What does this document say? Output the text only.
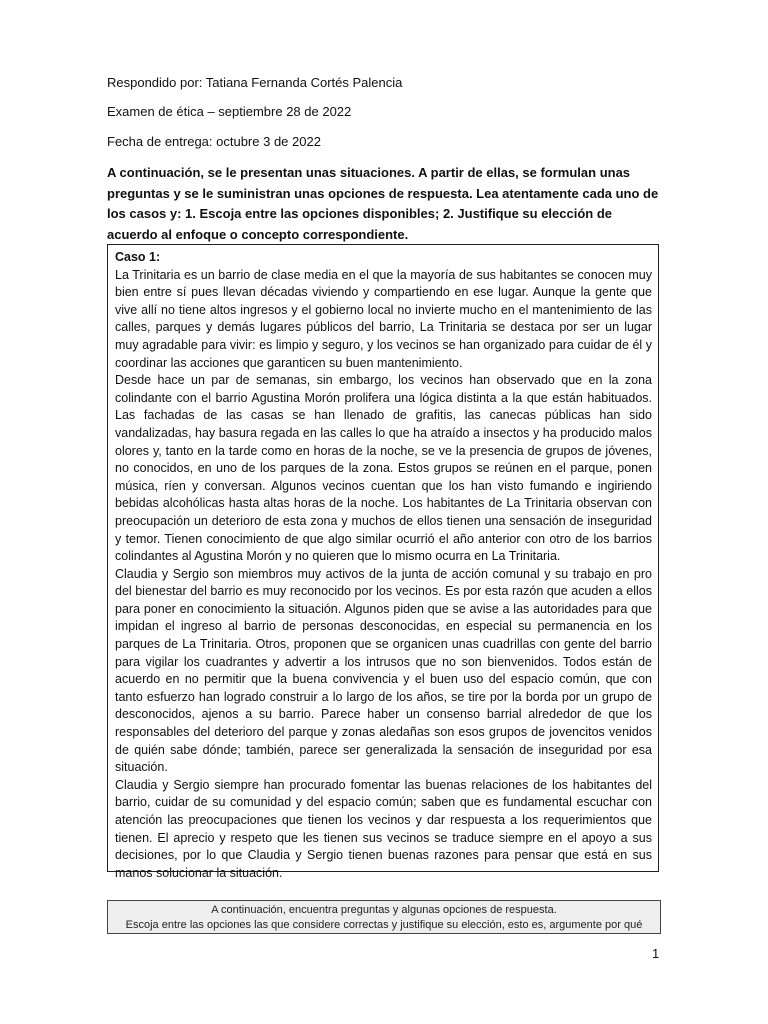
Respondido por: Tatiana Fernanda Cortés Palencia
Examen de ética – septiembre 28 de 2022
Fecha de entrega: octubre 3 de 2022
A continuación, se le presentan unas situaciones. A partir de ellas, se formulan unas preguntas y se le suministran unas opciones de respuesta. Lea atentamente cada uno de los casos y: 1. Escoja entre las opciones disponibles; 2. Justifique su elección de acuerdo al enfoque o concepto correspondiente.
Caso 1:

La Trinitaria es un barrio de clase media en el que la mayoría de sus habitantes se conocen muy bien entre sí pues llevan décadas viviendo y compartiendo en ese lugar. Aunque la gente que vive allí no tiene altos ingresos y el gobierno local no invierte mucho en el mantenimiento de las calles, parques y demás lugares públicos del barrio, La Trinitaria se destaca por ser un lugar muy agradable para vivir: es limpio y seguro, y los vecinos se han organizado para cuidar de él y coordinar las acciones que garanticen su buen mantenimiento.

Desde hace un par de semanas, sin embargo, los vecinos han observado que en la zona colindante con el barrio Agustina Morón prolifera una lógica distinta a la que están habituados. Las fachadas de las casas se han llenado de grafitis, las canecas públicas han sido vandalizadas, hay basura regada en las calles lo que ha atraído a insectos y ha producido malos olores y, tanto en la tarde como en horas de la noche, se ve la presencia de grupos de jóvenes, no conocidos, en uno de los parques de la zona. Estos grupos se reúnen en el parque, ponen música, ríen y conversan. Algunos vecinos cuentan que los han visto fumando e ingiriendo bebidas alcohólicas hasta altas horas de la noche. Los habitantes de La Trinitaria observan con preocupación un deterioro de esta zona y muchos de ellos tienen una sensación de inseguridad y temor. Tienen conocimiento de que algo similar ocurrió el año anterior con otro de los barrios colindantes al Agustina Morón y no quieren que lo mismo ocurra en La Trinitaria.

Claudia y Sergio son miembros muy activos de la junta de acción comunal y su trabajo en pro del bienestar del barrio es muy reconocido por los vecinos. Es por esta razón que acuden a ellos para poner en conocimiento la situación. Algunos piden que se avise a las autoridades para que impidan el ingreso al barrio de personas desconocidas, en especial su permanencia en los parques de La Trinitaria. Otros, proponen que se organicen unas cuadrillas con gente del barrio para vigilar los cuadrantes y advertir a los intrusos que no son bienvenidos. Todos están de acuerdo en no permitir que la buena convivencia y el buen uso del espacio común, que con tanto esfuerzo han logrado construir a lo largo de los años, se tire por la borda por un grupo de desconocidos, ajenos a su barrio. Parece haber un consenso barrial alrededor de que los responsables del deterioro del parque y zonas aledañas son esos grupos de jovencitos venidos de quién sabe dónde; también, parece ser generalizada la sensación de inseguridad por esa situación.

Claudia y Sergio siempre han procurado fomentar las buenas relaciones de los habitantes del barrio, cuidar de su comunidad y del espacio común; saben que es fundamental escuchar con atención las preocupaciones que tienen los vecinos y dar respuesta a los requerimientos que tienen. El aprecio y respeto que les tienen sus vecinos se traduce siempre en el apoyo a sus decisiones, por lo que Claudia y Sergio tienen buenas razones para pensar que está en sus manos solucionar la situación.

A continuación, encuentra preguntas y algunas opciones de respuesta.
Escoja entre las opciones las que considere correctas y justifique su elección, esto es, argumente por qué
1
